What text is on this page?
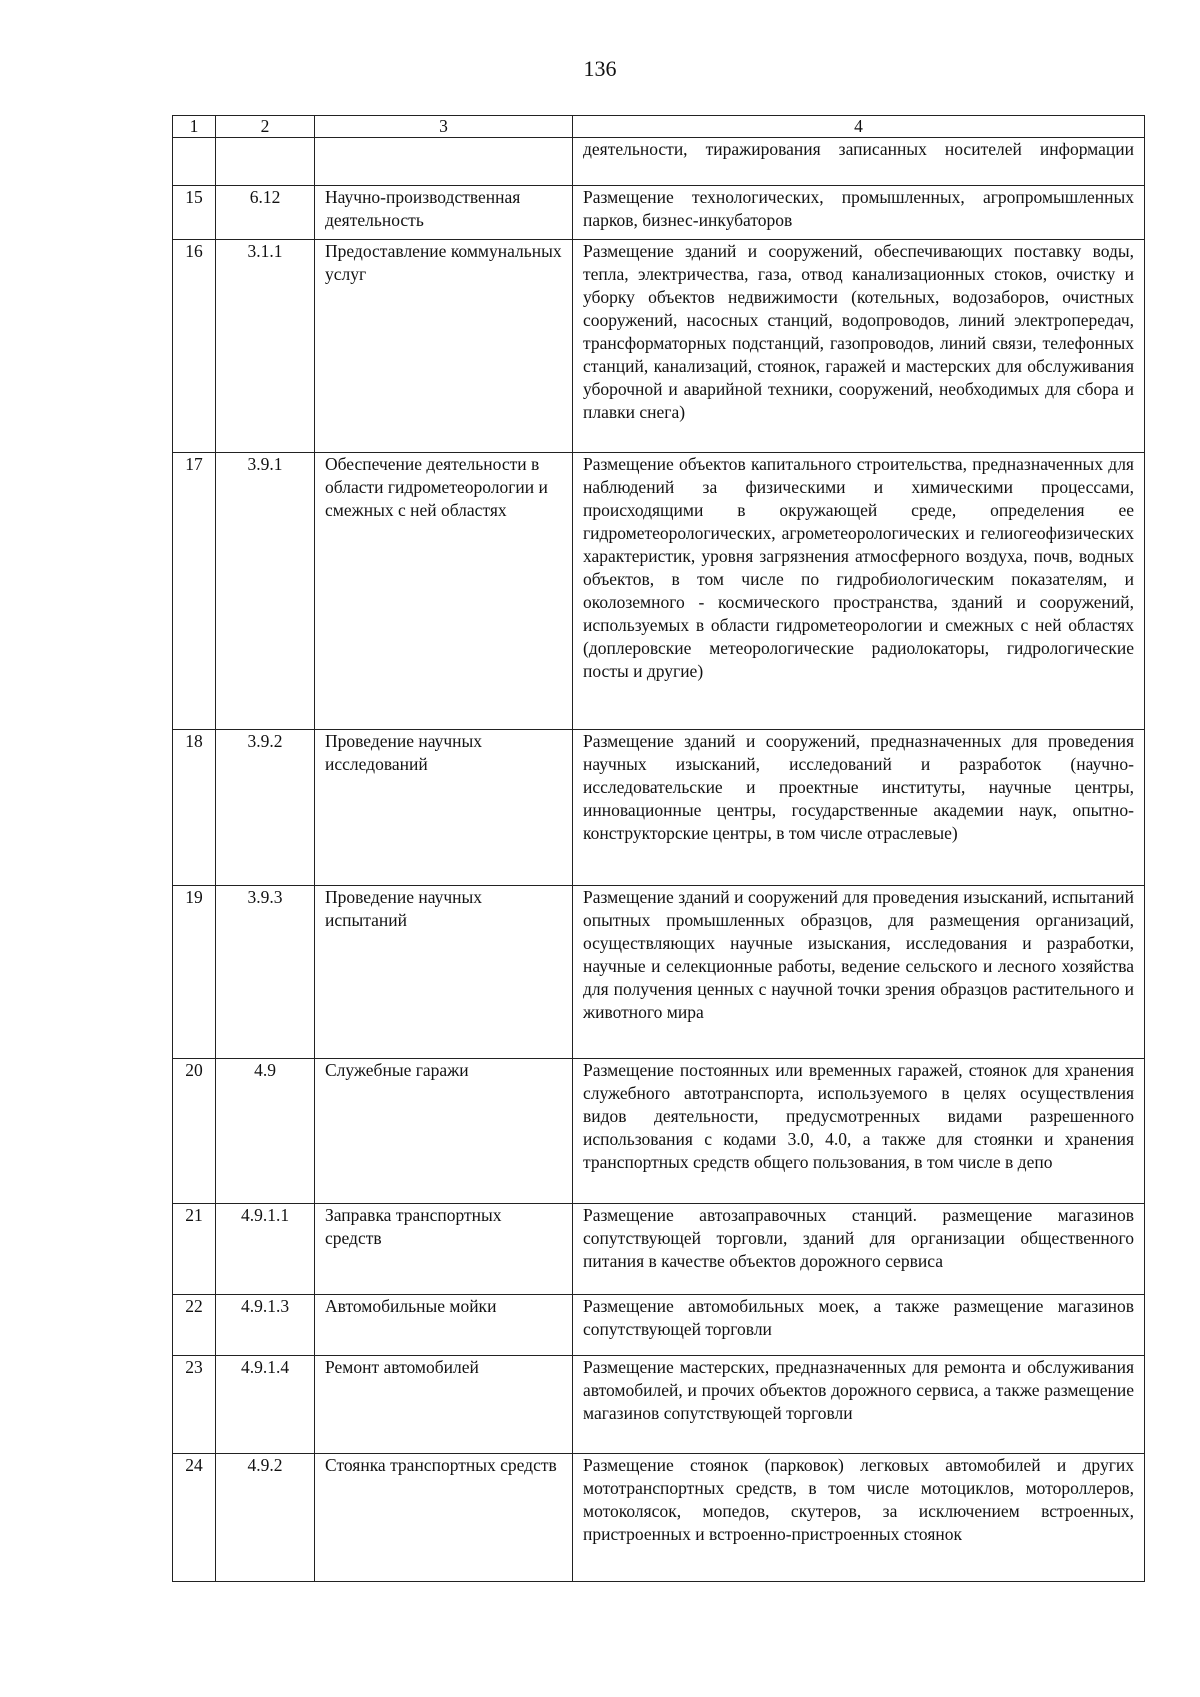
136
1	2	3	4
			деятельности, тиражирования записанных носителей информации
15	6.12	Научно-производственная деятельность	Размещение технологических, промышленных, агропромышленных парков, бизнес-инкубаторов
16	3.1.1	Предоставление коммунальных услуг	Размещение зданий и сооружений, обеспечивающих поставку воды, тепла, электричества, газа, отвод канализационных стоков, очистку и уборку объектов недвижимости (котельных, водозаборов, очистных сооружений, насосных станций, водопроводов, линий электропередач, трансформаторных подстанций, газопроводов, линий связи, телефонных станций, канализаций, стоянок, гаражей и мастерских для обслуживания уборочной и аварийной техники, сооружений, необходимых для сбора и плавки снега)
17	3.9.1	Обеспечение деятельности в области гидрометеорологии и смежных с ней областях	Размещение объектов капитального строительства, предназначенных для наблюдений за физическими и химическими процессами, происходящими в окружающей среде, определения ее гидрометеорологических, агрометеорологических и гелиогеофизических характеристик, уровня загрязнения атмосферного воздуха, почв, водных объектов, в том числе по гидробиологическим показателям, и околоземного - космического пространства, зданий и сооружений, используемых в области гидрометеорологии и смежных с ней областях (доплеровские метеорологические радиолокаторы, гидрологические посты и другие)
18	3.9.2	Проведение научных исследований	Размещение зданий и сооружений, предназначенных для проведения научных изысканий, исследований и разработок (научно-исследовательские и проектные институты, научные центры, инновационные центры, государственные академии наук, опытно-конструкторские центры, в том числе отраслевые)
19	3.9.3	Проведение научных испытаний	Размещение зданий и сооружений для проведения изысканий, испытаний опытных промышленных образцов, для размещения организаций, осуществляющих научные изыскания, исследования и разработки, научные и селекционные работы, ведение сельского и лесного хозяйства для получения ценных с научной точки зрения образцов растительного и животного мира
20	4.9	Служебные гаражи	Размещение постоянных или временных гаражей, стоянок для хранения служебного автотранспорта, используемого в целях осуществления видов деятельности, предусмотренных видами разрешенного использования с кодами 3.0, 4.0, а также для стоянки и хранения транспортных средств общего пользования, в том числе в депо
21	4.9.1.1	Заправка транспортных средств	Размещение автозаправочных станций. размещение магазинов сопутствующей торговли, зданий для организации общественного питания в качестве объектов дорожного сервиса
22	4.9.1.3	Автомобильные мойки	Размещение автомобильных моек, а также размещение магазинов сопутствующей торговли
23	4.9.1.4	Ремонт автомобилей	Размещение мастерских, предназначенных для ремонта и обслуживания автомобилей, и прочих объектов дорожного сервиса, а также размещение магазинов сопутствующей торговли
24	4.9.2	Стоянка транспортных средств	Размещение стоянок (парковок) легковых автомобилей и других мототранспортных средств, в том числе мотоциклов, мотороллеров, мотоколясок, мопедов, скутеров, за исключением встроенных, пристроенных и встроенно-пристроенных стоянок
